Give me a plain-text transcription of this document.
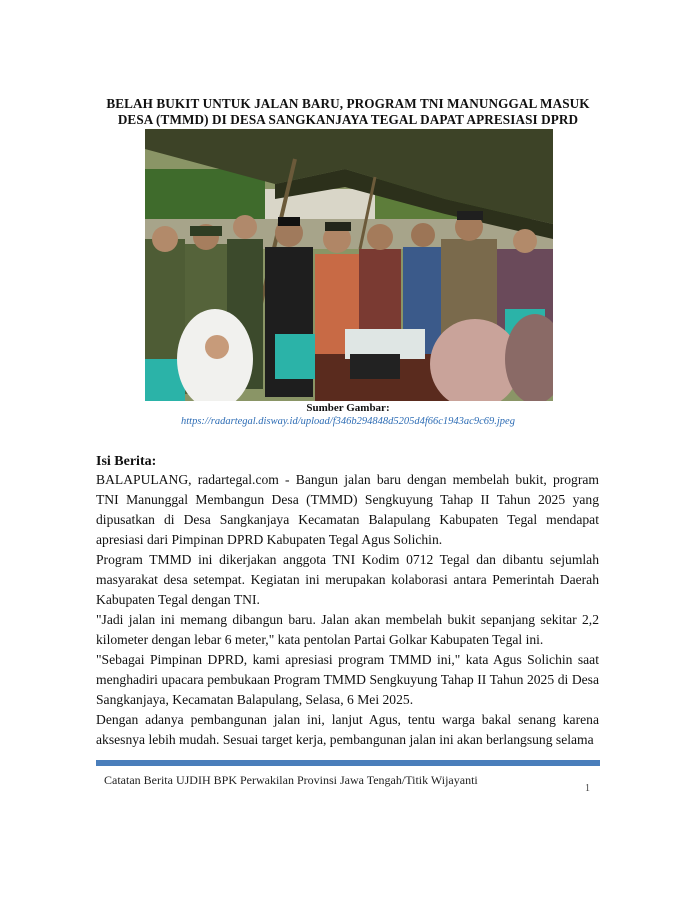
BELAH BUKIT UNTUK JALAN BARU, PROGRAM TNI MANUNGGAL MASUK DESA (TMMD) DI DESA SANGKANJAYA TEGAL DAPAT APRESIASI DPRD
Sumber Gambar:
https://radartegal.disway.id/upload/f346b294848d5205d4f66c1943ac9c69.jpeg
Isi Berita:

BALAPULANG, radartegal.com - Bangun jalan baru dengan membelah bukit, program TNI Manunggal Membangun Desa (TMMD) Sengkuyung Tahap II Tahun 2025 yang dipusatkan di Desa Sangkanjaya Kecamatan Balapulang Kabupaten Tegal mendapat apresiasi dari Pimpinan DPRD Kabupaten Tegal Agus Solichin.

Program TMMD ini dikerjakan anggota TNI Kodim 0712 Tegal dan dibantu sejumlah masyarakat desa setempat. Kegiatan ini merupakan kolaborasi antara Pemerintah Daerah Kabupaten Tegal dengan TNI.

"Jadi jalan ini memang dibangun baru. Jalan akan membelah bukit sepanjang sekitar 2,2 kilometer dengan lebar 6 meter," kata pentolan Partai Golkar Kabupaten Tegal ini.

"Sebagai Pimpinan DPRD, kami apresiasi program TMMD ini," kata Agus Solichin saat menghadiri upacara pembukaan Program TMMD Sengkuyung Tahap II Tahun 2025 di Desa Sangkanjaya, Kecamatan Balapulang, Selasa, 6 Mei 2025.

Dengan adanya pembangunan jalan ini, lanjut Agus, tentu warga bakal senang karena aksesnya lebih mudah. Sesuai target kerja, pembangunan jalan ini akan berlangsung selama

Catatan Berita UJDIH BPK Perwakilan Provinsi Jawa Tengah/Titik Wijayanti
1
